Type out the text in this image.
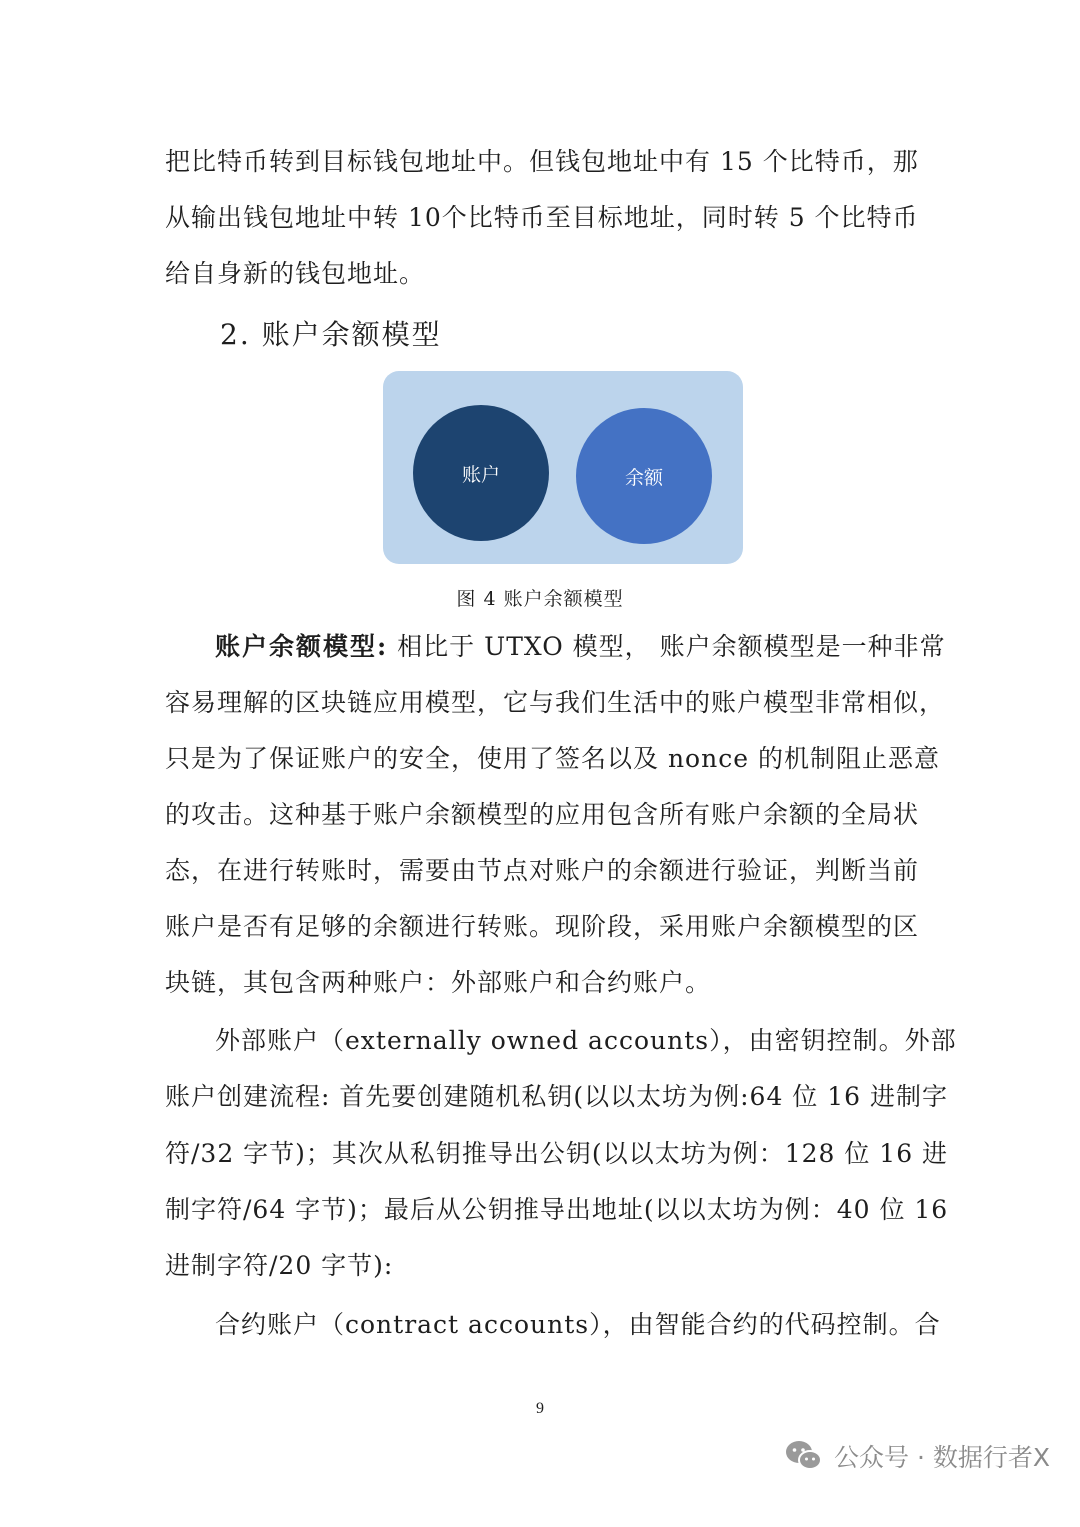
把比特币转到目标钱包地址中。但钱包地址中有 15 个比特币，那
从输出钱包地址中转 10个比特币至目标地址，同时转 5 个比特币
给自身新的钱包地址。
2. 账户余额模型
账户	余额
图 4 账户余额模型
账户余额模型: 相比于 UTXO 模型， 账户余额模型是一种非常
容易理解的区块链应用模型，它与我们生活中的账户模型非常相似，
只是为了保证账户的安全，使用了签名以及 nonce 的机制阻止恶意
的攻击。这种基于账户余额模型的应用包含所有账户余额的全局状
态，在进行转账时，需要由节点对账户的余额进行验证，判断当前
账户是否有足够的余额进行转账。现阶段，采用账户余额模型的区
块链，其包含两种账户：外部账户和合约账户。
外部账户（externally owned accounts），由密钥控制。外部
账户创建流程: 首先要创建随机私钥(以以太坊为例:64 位 16 进制字
符/32 字节)；其次从私钥推导出公钥(以以太坊为例：128 位 16 进
制字符/64 字节)；最后从公钥推导出地址(以以太坊为例：40 位 16
进制字符/20 字节):
合约账户（contract accounts），由智能合约的代码控制。合
9
公众号 · 数据行者X
